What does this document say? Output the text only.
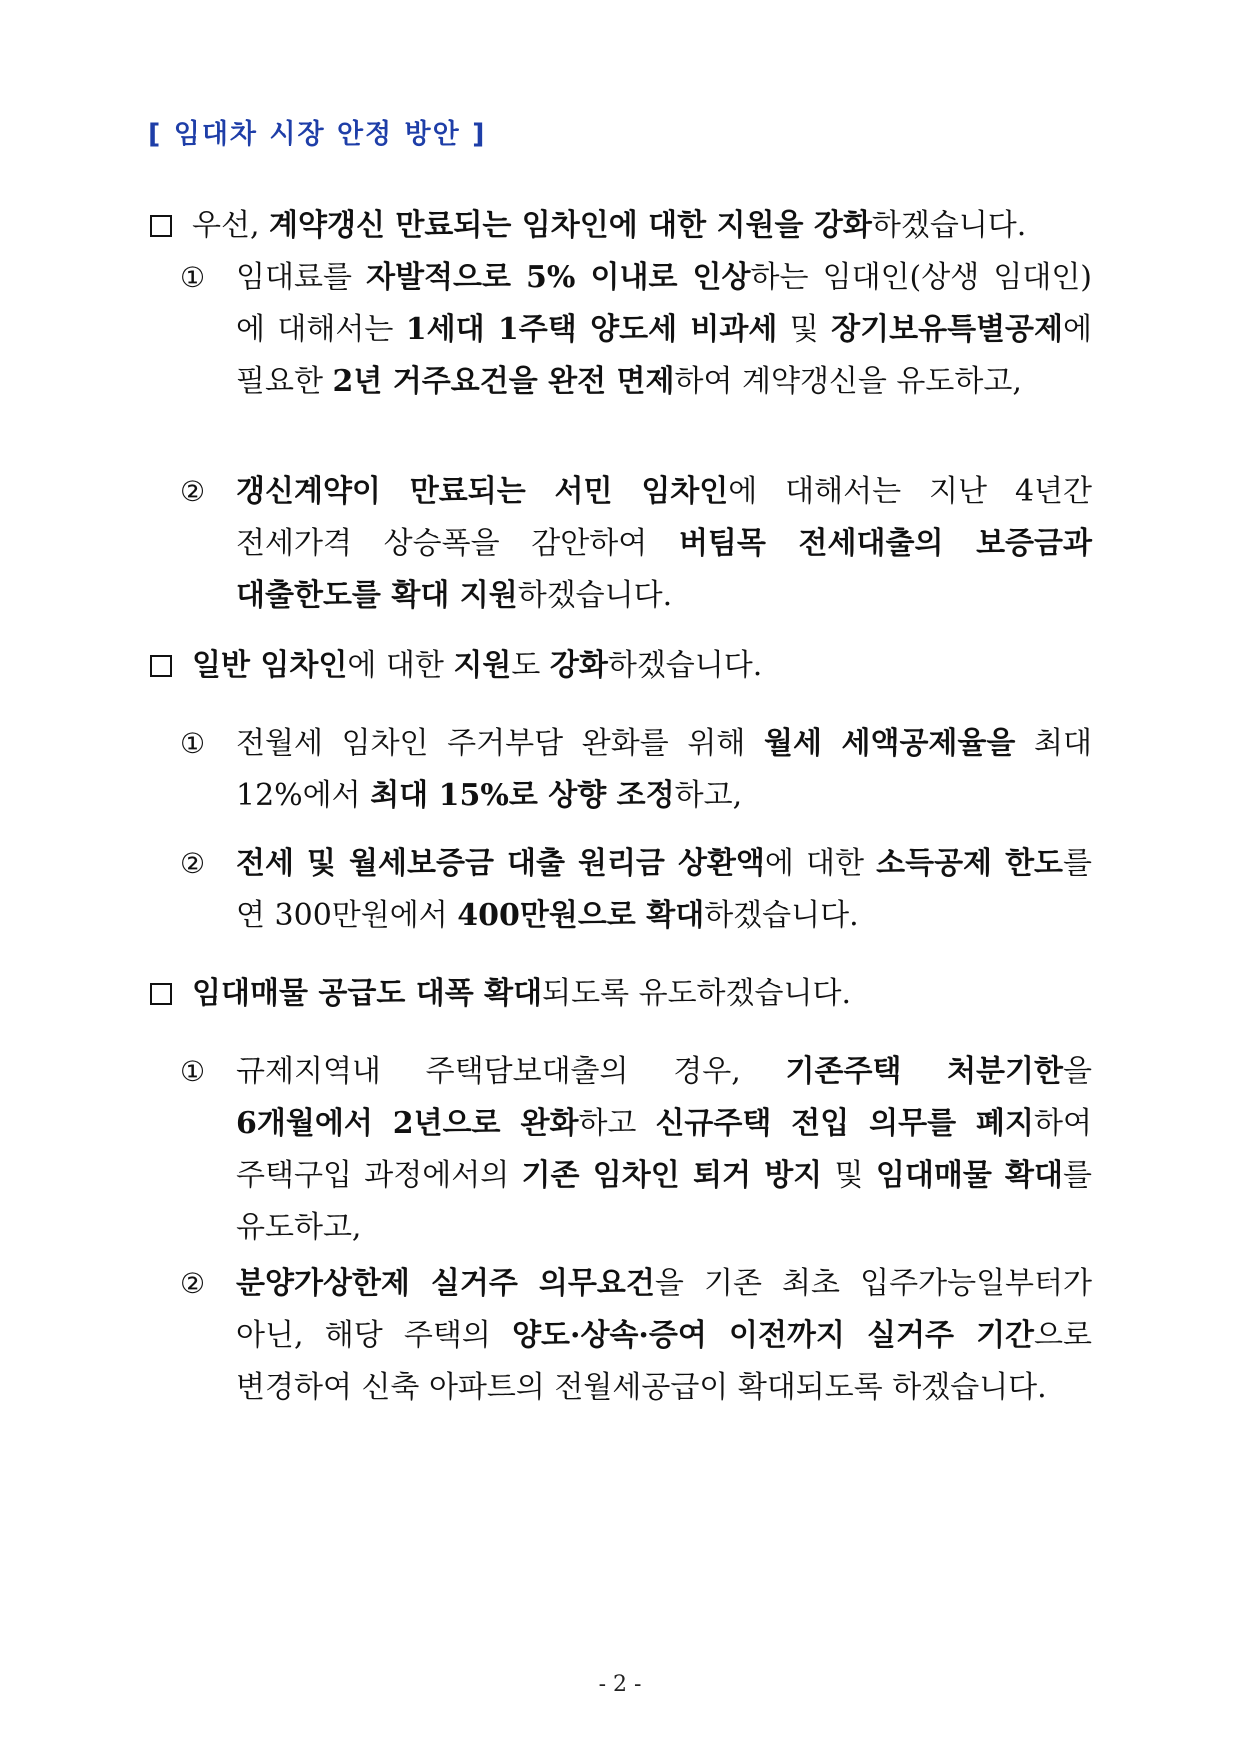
[ 임대차 시장 안정 방안 ]
우선, 계약갱신 만료되는 임차인에 대한 지원을 강화하겠습니다.
① 임대료를 자발적으로 5% 이내로 인상하는 임대인(상생 임대인)에 대해서는 1세대 1주택 양도세 비과세 및 장기보유특별공제에 필요한 2년 거주요건을 완전 면제하여 계약갱신을 유도하고,
② 갱신계약이 만료되는 서민 임차인에 대해서는 지난 4년간 전세가격 상승폭을 감안하여 버팀목 전세대출의 보증금과 대출한도를 확대 지원하겠습니다.
일반 임차인에 대한 지원도 강화하겠습니다.
① 전월세 임차인 주거부담 완화를 위해 월세 세액공제율을 최대 12%에서 최대 15%로 상향 조정하고,
② 전세 및 월세보증금 대출 원리금 상환액에 대한 소득공제 한도를 연 300만원에서 400만원으로 확대하겠습니다.
임대매물 공급도 대폭 확대되도록 유도하겠습니다.
① 규제지역내 주택담보대출의 경우, 기존주택 처분기한을 6개월에서 2년으로 완화하고 신규주택 전입 의무를 폐지하여 주택구입 과정에서의 기존 임차인 퇴거 방지 및 임대매물 확대를 유도하고,
② 분양가상한제 실거주 의무요건을 기존 최초 입주가능일부터가 아닌, 해당 주택의 양도·상속·증여 이전까지 실거주 기간으로 변경하여 신축 아파트의 전월세공급이 확대되도록 하겠습니다.
- 2 -
